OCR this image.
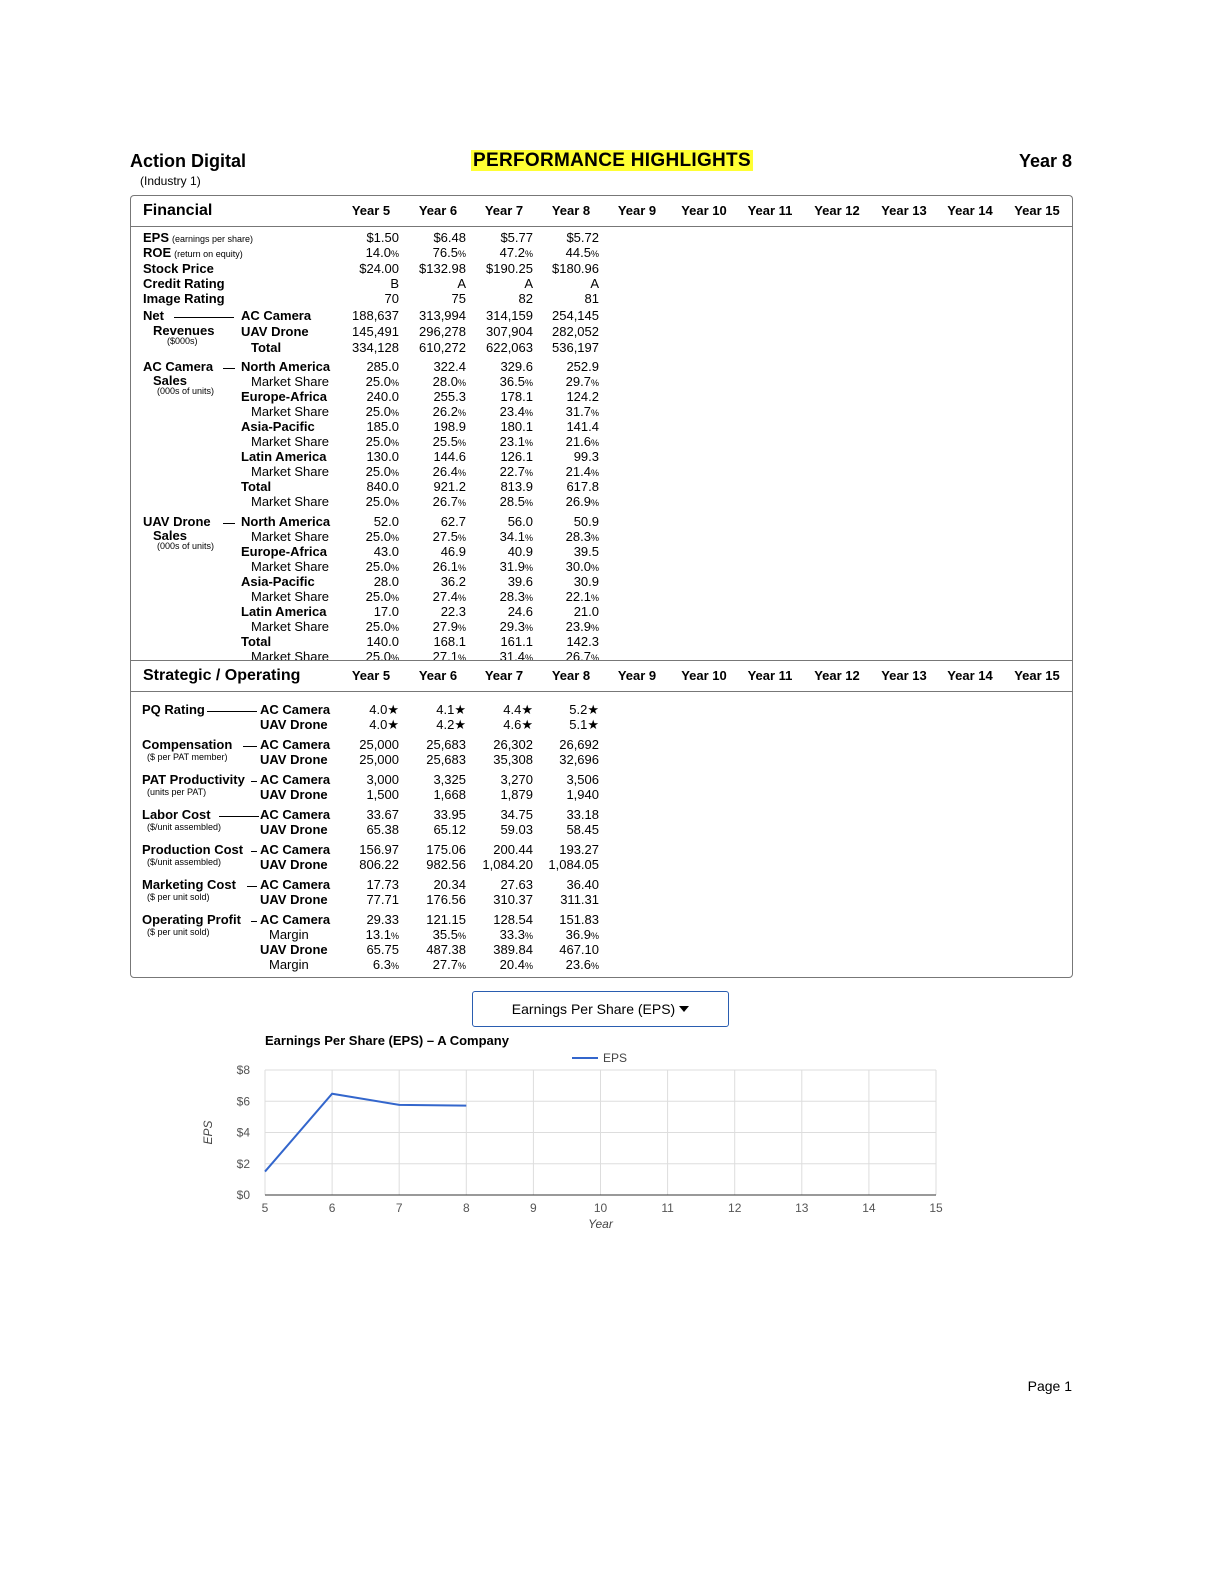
Action Digital
(Industry 1)
PERFORMANCE HIGHLIGHTS	Year 8
Financial	Year 5	Year 6	Year 7	Year 8	Year 9	Year 10	Year 11	Year 12	Year 13	Year 14	Year 15
EPS (earnings per share)	$1.50	$6.48	$5.77	$5.72
ROE (return on equity)	14.0%	76.5%	47.2%	44.5%
Stock Price	$24.00	$132.98	$190.25	$180.96
Credit Rating	B	A	A	A
Image Rating	70	75	82	81
Net
Revenues
($000s)
AC Camera	188,637	313,994	314,159	254,145
UAV Drone	145,491	296,278	307,904	282,052
Total	334,128	610,272	622,063	536,197
AC Camera
Sales
(000s of units)
North America	285.0	322.4	329.6	252.9
Market Share	25.0%	28.0%	36.5%	29.7%
Europe-Africa	240.0	255.3	178.1	124.2
Market Share	25.0%	26.2%	23.4%	31.7%
Asia-Pacific	185.0	198.9	180.1	141.4
Market Share	25.0%	25.5%	23.1%	21.6%
Latin America	130.0	144.6	126.1	99.3
Market Share	25.0%	26.4%	22.7%	21.4%
Total	840.0	921.2	813.9	617.8
Market Share	25.0%	26.7%	28.5%	26.9%
UAV Drone
Sales
(000s of units)
North America	52.0	62.7	56.0	50.9
Market Share	25.0%	27.5%	34.1%	28.3%
Europe-Africa	43.0	46.9	40.9	39.5
Market Share	25.0%	26.1%	31.9%	30.0%
Asia-Pacific	28.0	36.2	39.6	30.9
Market Share	25.0%	27.4%	28.3%	22.1%
Latin America	17.0	22.3	24.6	21.0
Market Share	25.0%	27.9%	29.3%	23.9%
Total	140.0	168.1	161.1	142.3
Market Share	25.0%	27.1%	31.4%	26.7%
Strategic / Operating	Year 5	Year 6	Year 7	Year 8	Year 9	Year 10	Year 11	Year 12	Year 13	Year 14	Year 15
PQ Rating	AC Camera	4.0★	4.1★	4.4★	5.2★
UAV Drone	4.0★	4.2★	4.6★	5.1★
Compensation
($ per PAT member)
AC Camera	25,000	25,683	26,302	26,692
UAV Drone	25,000	25,683	35,308	32,696
PAT Productivity
(units per PAT)
AC Camera	3,000	3,325	3,270	3,506
UAV Drone	1,500	1,668	1,879	1,940
Labor Cost
($/unit assembled)
AC Camera	33.67	33.95	34.75	33.18
UAV Drone	65.38	65.12	59.03	58.45
Production Cost
($/unit assembled)
AC Camera	156.97	175.06	200.44	193.27
UAV Drone	806.22	982.56	1,084.20	1,084.05
Marketing Cost
($ per unit sold)
AC Camera	17.73	20.34	27.63	36.40
UAV Drone	77.71	176.56	310.37	311.31
Operating Profit
($ per unit sold)
AC Camera	29.33	121.15	128.54	151.83
Margin	13.1%	35.5%	33.3%	36.9%
UAV Drone	65.75	487.38	389.84	467.10
Margin	6.3%	27.7%	20.4%	23.6%
Earnings Per Share (EPS)
Earnings Per Share (EPS) – A Company
5	6	7	8	9	10	11	12	13	14	15
$0
$2
$4
$6
$8
Year
EPS
EPS
Page 1
